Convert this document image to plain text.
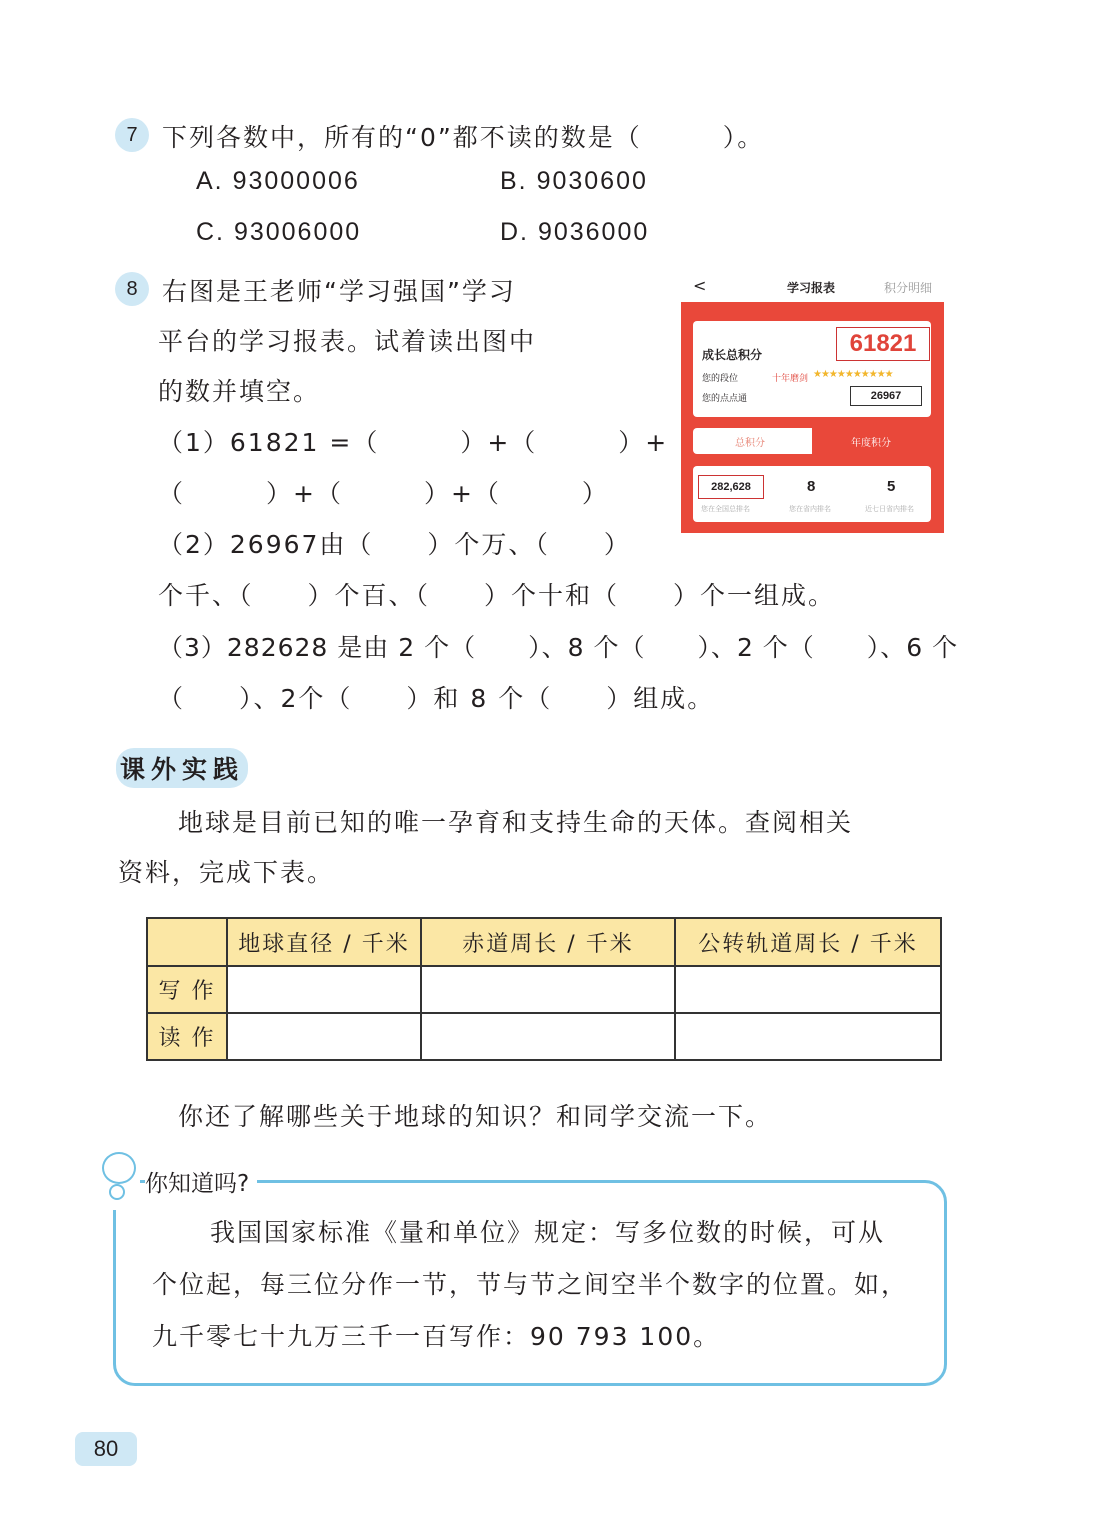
7 下列各数中，所有的“0”都不读的数是（　　　）。
A. 93000006	B. 9030600
C. 93006000	D. 9036000
8 右图是王老师“学习强国”学习
平台的学习报表。试着读出图中
的数并填空。
（1）61821 =（　　　）+（　　　）+
（　　　）+（　　　）+（　　　）
（2）26967由（　　）个万、（　　）
个千、（　　）个百、（　　）个十和（　　）个一组成。
（3）282628 是由 2 个（　　）、8 个（　　）、2 个（　　）、6 个
（　　）、2个（　　）和 8 个（　　）组成。
<	学习报表	积分明细
成长总积分	61821
您的段位	十年磨剑 ★★★★★★★★★★
您的点点通	26967
总积分	年度积分
282,628
您在全国总排名
8
您在省内排名
5
近七日省内排名
课外实践
地球是目前已知的唯一孕育和支持生命的天体。查阅相关
资料，完成下表。
	地球直径 / 千米	赤道周长 / 千米	公转轨道周长 / 千米
写 作			
读 作			
你还了解哪些关于地球的知识？和同学交流一下。
你知道吗?
我国国家标准《量和单位》规定：写多位数的时候，可从
个位起，每三位分作一节，节与节之间空半个数字的位置。如，
九千零七十九万三千一百写作：90 793 100。
80
